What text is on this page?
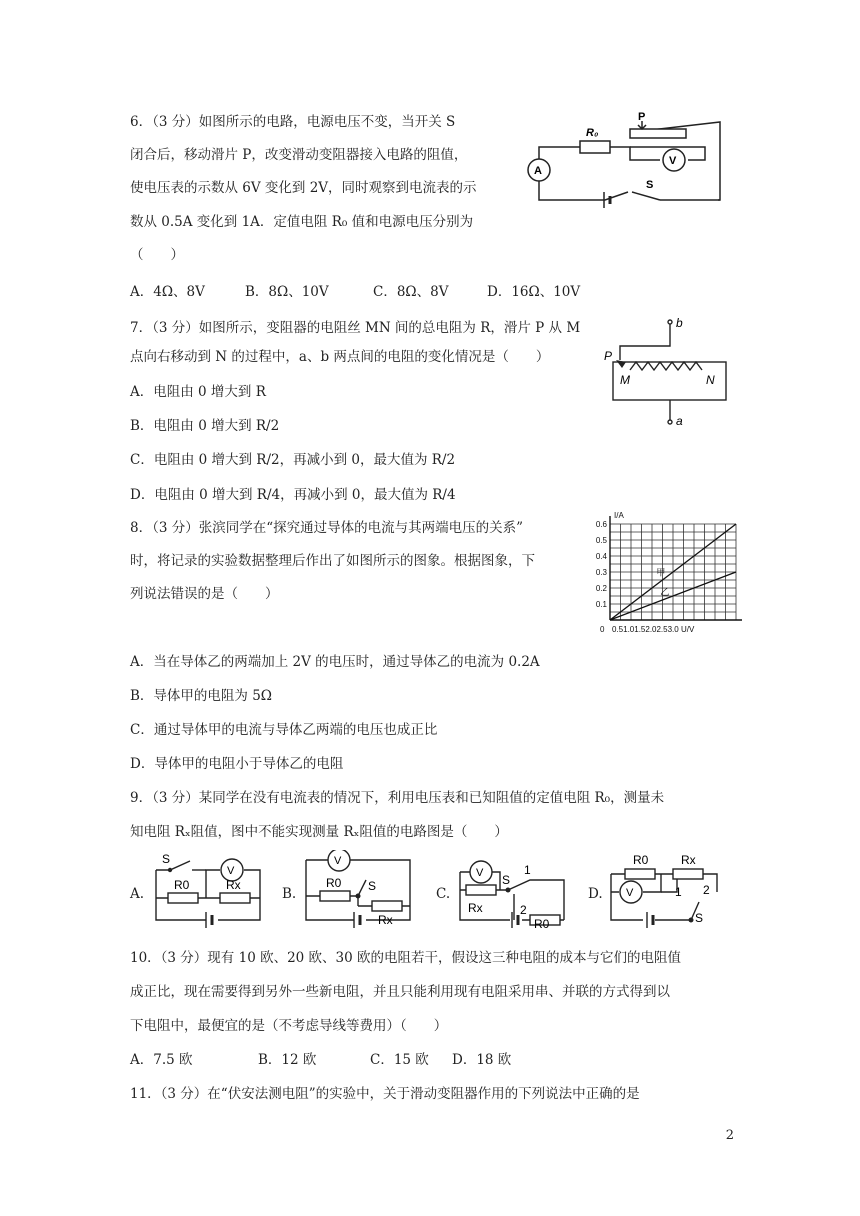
6．（3 分）如图所示的电路，电源电压不变，当开关 S
闭合后，移动滑片 P，改变滑动变阻器接入电路的阻值，
使电压表的示数从 6V 变化到 2V，同时观察到电流表的示
数从 0.5A 变化到 1A．定值电阻 R₀ 值和电源电压分别为
（　　）
A．4Ω、8V	B．8Ω、10V	C．8Ω、8V	D．16Ω、10V
R₀
P
V
A
S
7．（3 分）如图所示，变阻器的电阻丝 MN 间的总电阻为 R，滑片 P 从 M
点向右移动到 N 的过程中，a、b 两点间的电阻的变化情况是（　　）
A．电阻由 0 增大到 R
B．电阻由 0 增大到 R/2
C．电阻由 0 增大到 R/2，再减小到 0，最大值为 R/2
D．电阻由 0 增大到 R/4，再减小到 0，最大值为 R/4
b
a
P
M	N
8．（3 分）张滨同学在“探究通过导体的电流与其两端电压的关系”
时，将记录的实验数据整理后作出了如图所示的图象。根据图象，下
列说法错误的是（　　）
甲
乙
0.1
0.2
0.3
0.4
0.5
0.6
0.51.01.52.02.53.0 U/V
0
I/A
A．当在导体乙的两端加上 2V 的电压时，通过导体乙的电流为 0.2A
B．导体甲的电阻为 5Ω
C．通过导体甲的电流与导体乙两端的电压也成正比
D．导体甲的电阻小于导体乙的电阻
9．（3 分）某同学在没有电流表的情况下，利用电压表和已知阻值的定值电阻 R₀，测量未
知电阻 Rₓ阻值，图中不能实现测量 Rₓ阻值的电路图是（　　）
A.
S
V
R0	Rx
B.
V
R0 S
Rx
C.
V S
1
Rx	2
R0
D.
R0	Rx
V	1 2
S
10．（3 分）现有 10 欧、20 欧、30 欧的电阻若干，假设这三种电阻的成本与它们的电阻值
成正比，现在需要得到另外一些新电阻，并且只能利用现有电阻采用串、并联的方式得到以
下电阻中，最便宜的是（不考虑导线等费用）（　　）
A．7.5 欧	B．12 欧	C．15 欧 D．18 欧
11．（3 分）在“伏安法测电阻”的实验中，关于滑动变阻器作用的下列说法中正确的是
2
